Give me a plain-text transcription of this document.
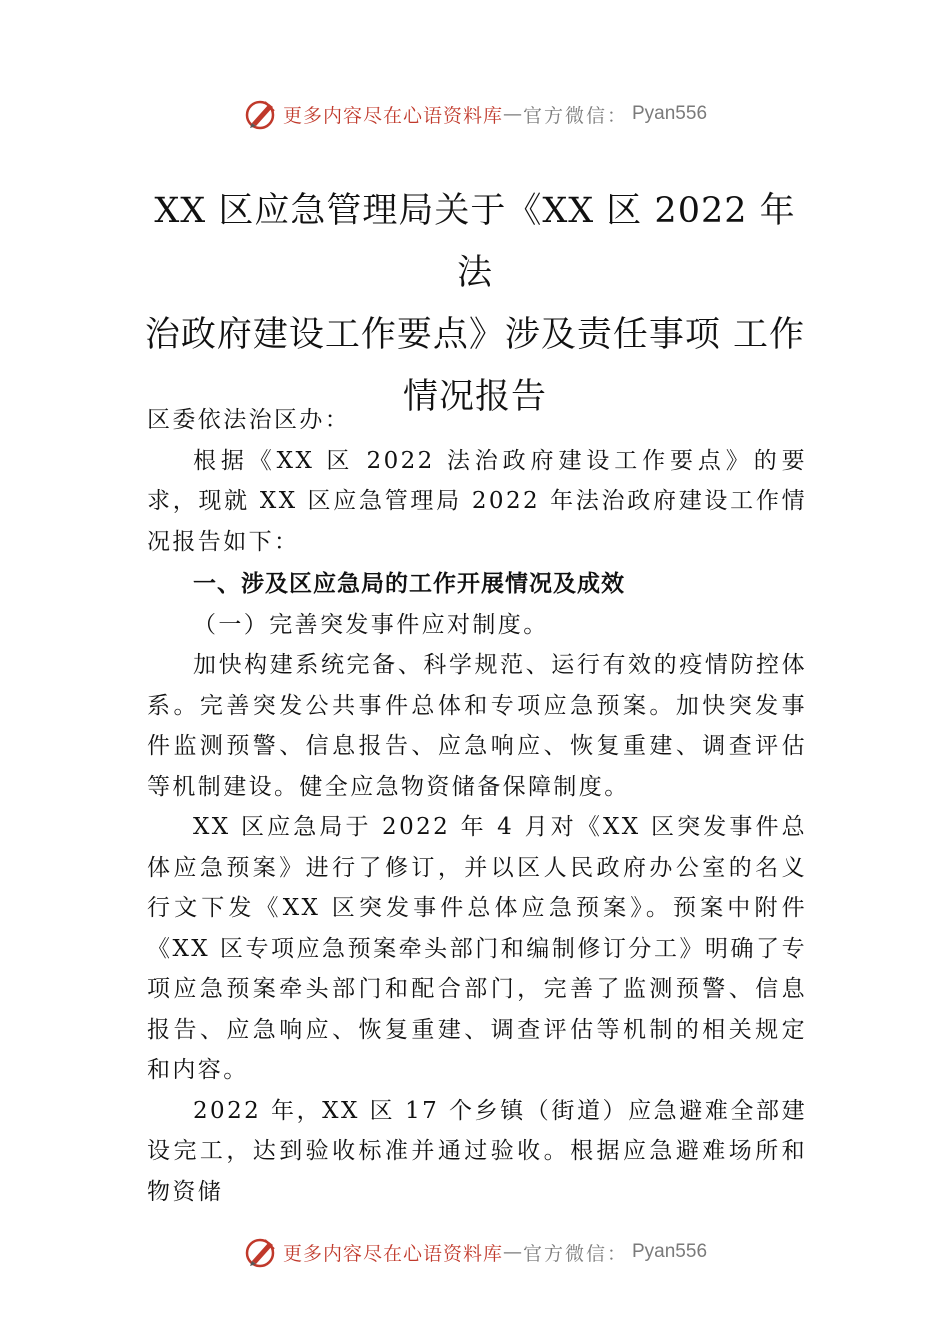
更多内容尽在心语资料库 — 官方微信： Pyan556
XX 区应急管理局关于《XX 区 2022 年法
治政府建设工作要点》涉及责任事项 工作
情况报告

区委依法治区办：

根据《XX 区 2022 法治政府建设工作要点》的要求，现就 XX 区应急管理局 2022 年法治政府建设工作情况报告如下：

一、涉及区应急局的工作开展情况及成效

（一）完善突发事件应对制度。

加快构建系统完备、科学规范、运行有效的疫情防控体系。完善突发公共事件总体和专项应急预案。加快突发事件监测预警、信息报告、应急响应、恢复重建、调查评估等机制建设。健全应急物资储备保障制度。

XX 区应急局于 2022 年 4 月对《XX 区突发事件总体应急预案》进行了修订，并以区人民政府办公室的名义行文下发《XX 区突发事件总体应急预案》。预案中附件《XX 区专项应急预案牵头部门和编制修订分工》明确了专项应急预案牵头部门和配合部门，完善了监测预警、信息报告、应急响应、恢复重建、调查评估等机制的相关规定和内容。

2022 年，XX 区 17 个乡镇（街道）应急避难全部建设完工，达到验收标准并通过验收。根据应急避难场所和物资储

更多内容尽在心语资料库 — 官方微信： Pyan556
